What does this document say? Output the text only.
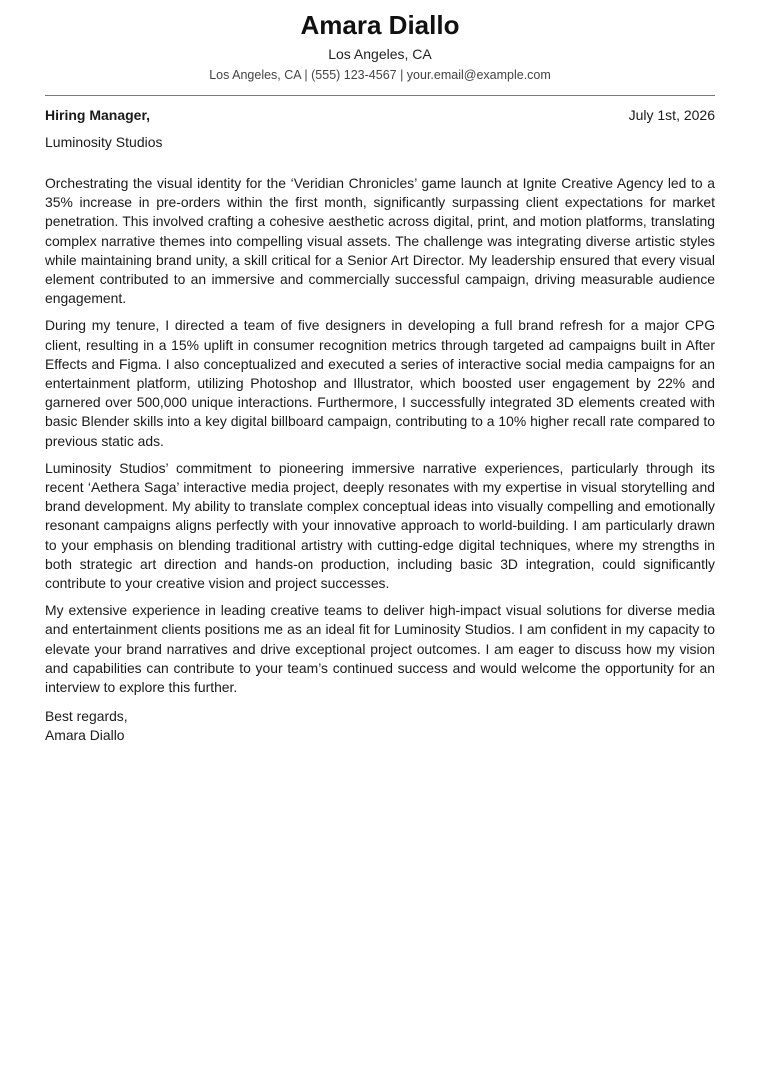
Amara Diallo
Los Angeles, CA
Los Angeles, CA | (555) 123-4567 | your.email@example.com
Hiring Manager,	July 1st, 2026
Luminosity Studios

Orchestrating the visual identity for the ‘Veridian Chronicles’ game launch at Ignite Creative Agency led to a 35% increase in pre-orders within the first month, significantly surpassing client expectations for market penetration. This involved crafting a cohesive aesthetic across digital, print, and motion platforms, translating complex narrative themes into compelling visual assets. The challenge was integrating diverse artistic styles while maintaining brand unity, a skill critical for a Senior Art Director. My leadership ensured that every visual element contributed to an immersive and commercially successful campaign, driving measurable audience engagement.

During my tenure, I directed a team of five designers in developing a full brand refresh for a major CPG client, resulting in a 15% uplift in consumer recognition metrics through targeted ad campaigns built in After Effects and Figma. I also conceptualized and executed a series of interactive social media campaigns for an entertainment platform, utilizing Photoshop and Illustrator, which boosted user engagement by 22% and garnered over 500,000 unique interactions. Furthermore, I successfully integrated 3D elements created with basic Blender skills into a key digital billboard campaign, contributing to a 10% higher recall rate compared to previous static ads.

Luminosity Studios’ commitment to pioneering immersive narrative experiences, particularly through its recent ‘Aethera Saga’ interactive media project, deeply resonates with my expertise in visual storytelling and brand development. My ability to translate complex conceptual ideas into visually compelling and emotionally resonant campaigns aligns perfectly with your innovative approach to world-building. I am particularly drawn to your emphasis on blending traditional artistry with cutting-edge digital techniques, where my strengths in both strategic art direction and hands-on production, including basic 3D integration, could significantly contribute to your creative vision and project successes.

My extensive experience in leading creative teams to deliver high-impact visual solutions for diverse media and entertainment clients positions me as an ideal fit for Luminosity Studios. I am confident in my capacity to elevate your brand narratives and drive exceptional project outcomes. I am eager to discuss how my vision and capabilities can contribute to your team’s continued success and would welcome the opportunity for an interview to explore this further.

Best regards,
Amara Diallo
